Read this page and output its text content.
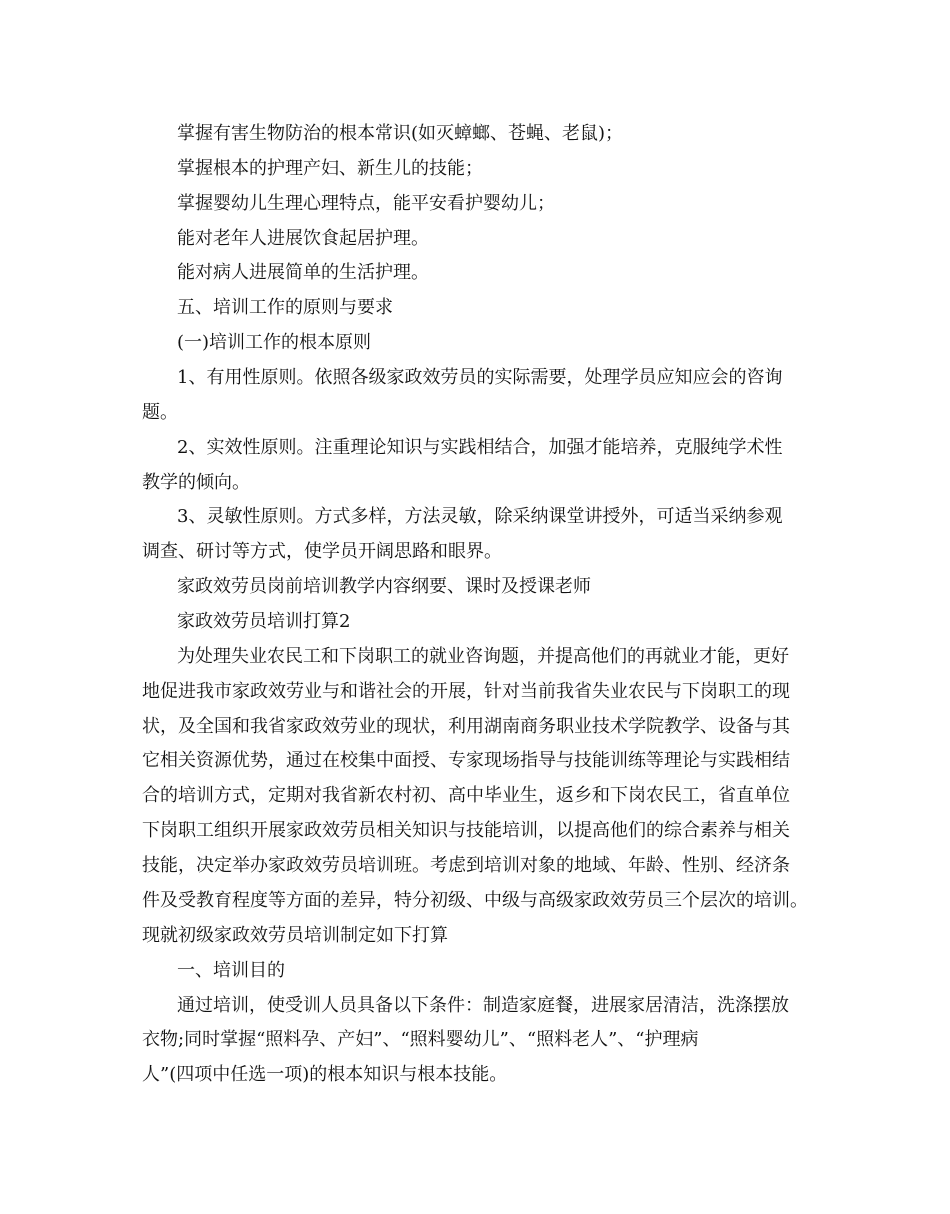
掌握有害生物防治的根本常识(如灭蟑螂、苍蝇、老鼠)；
掌握根本的护理产妇、新生儿的技能；
掌握婴幼儿生理心理特点，能平安看护婴幼儿；
能对老年人进展饮食起居护理。
能对病人进展简单的生活护理。
五、培训工作的原则与要求
(一)培训工作的根本原则
1、有用性原则。依照各级家政效劳员的实际需要，处理学员应知应会的咨询
题。
2、实效性原则。注重理论知识与实践相结合，加强才能培养，克服纯学术性
教学的倾向。
3、灵敏性原则。方式多样，方法灵敏，除采纳课堂讲授外，可适当采纳参观
调查、研讨等方式，使学员开阔思路和眼界。
家政效劳员岗前培训教学内容纲要、课时及授课老师
家政效劳员培训打算2
为处理失业农民工和下岗职工的就业咨询题，并提高他们的再就业才能，更好
地促进我市家政效劳业与和谐社会的开展，针对当前我省失业农民与下岗职工的现
状，及全国和我省家政效劳业的现状，利用湖南商务职业技术学院教学、设备与其
它相关资源优势，通过在校集中面授、专家现场指导与技能训练等理论与实践相结
合的培训方式，定期对我省新农村初、高中毕业生，返乡和下岗农民工，省直单位
下岗职工组织开展家政效劳员相关知识与技能培训，以提高他们的综合素养与相关
技能，决定举办家政效劳员培训班。考虑到培训对象的地域、年龄、性别、经济条
件及受教育程度等方面的差异，特分初级、中级与高级家政效劳员三个层次的培训。
现就初级家政效劳员培训制定如下打算
一、培训目的
通过培训，使受训人员具备以下条件：制造家庭餐，进展家居清洁，洗涤摆放
衣物;同时掌握“照料孕、产妇”、“照料婴幼儿”、“照料老人”、“护理病
人”(四项中任选一项)的根本知识与根本技能。
